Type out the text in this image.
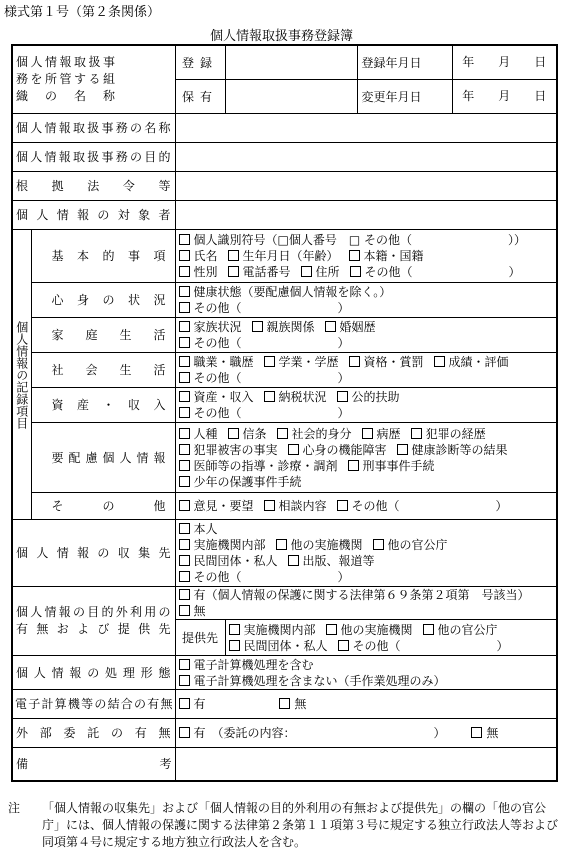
様式第１号（第２条関係）
個人情報取扱事務登録簿
個人情報取扱事務を所管する組織の名称		登録		登録年月日 年　　月　　日

		保有		変更年月日 年　　月　　日

個人情報取扱事務の名称				

個人情報取扱事務の目的				

根拠法令等				

個人情報の対象者				

個人情報の記録項目	基本的事項	個人識別符号（□個人番号　□ その他（　　　　　　　　））
氏名 生年月日（年齢） 本籍・国籍
性別 電話番号 住所 その他（　　　　　　　　）		

	心身の状況	健康状態（要配慮個人情報を除く。）
その他（　　　　　　　　）		

	家庭生活	家族状況 親族関係 婚姻歴
その他（　　　　　　　　）		

	社会生活	職業・職歴 学業・学歴 資格・賞罰 成績・評価
その他（　　　　　　　　）		

	資産・収入	資産・収入 納税状況 公的扶助
その他（　　　　　　　　）		

	要配慮個人情報	人種 信条 社会的身分 病歴 犯罪の経歴
犯罪被害の事実 心身の機能障害 健康診断等の結果
医師等の指導・診療・調剤 刑事事件手続
少年の保護事件手続		

	その他	意見・要望 相談内容 その他（　　　　　　　　）		

個人情報の収集先		本人
実施機関内部 他の実施機関 他の官公庁
民間団体・私人 出版、報道等
その他（　　　　　　　　）		

個人情報の目的外利用の有無および提供先		有（個人情報の保護に関する法律第６９条第２項第　号該当）
無		

		提供先	実施機関内部 他の実施機関 他の官公庁
民間団体・私人 その他（　　　　　　　　）	

個人情報の処理形態		電子計算機処理を含む
電子計算機処理を含まない（手作業処理のみ）		

電子計算機等の結合の有無		有 無		

外部委託の有無		有　（委託の内容：　　　　　　　　　　　　） 無		

備考				

注 「個人情報の収集先」および「個人情報の目的外利用の有無および提供先」の欄の「他の官公庁」には、個人情報の保護に関する法律第２条第１１項第３号に規定する独立行政法人等および同項第４号に規定する地方独立行政法人を含む。
